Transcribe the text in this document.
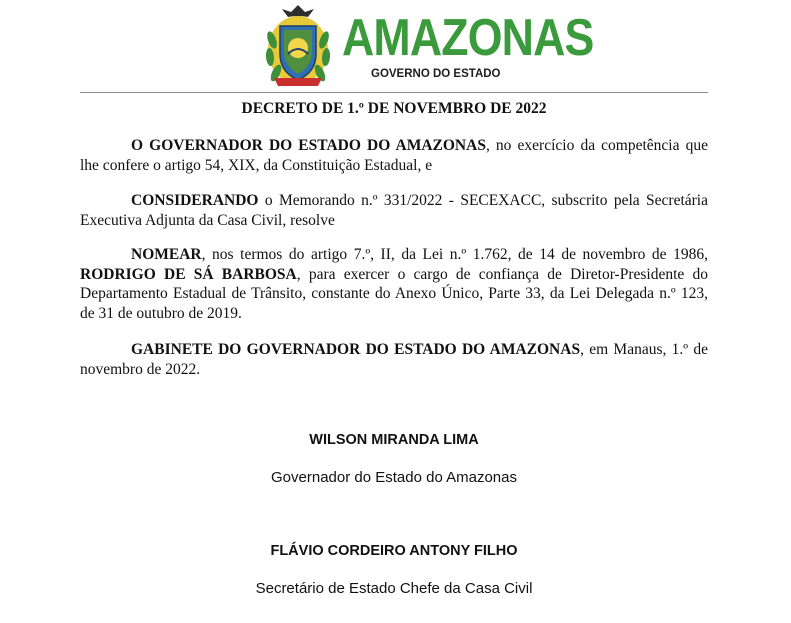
AMAZONAS
GOVERNO DO ESTADO
DECRETO DE 1.º DE NOVEMBRO DE 2022
O GOVERNADOR DO ESTADO DO AMAZONAS, no exercício da competência que lhe confere o artigo 54, XIX, da Constituição Estadual, e
CONSIDERANDO o Memorando n.º 331/2022 - SECEXACC, subscrito pela Secretária Executiva Adjunta da Casa Civil, resolve
NOMEAR, nos termos do artigo 7.º, II, da Lei n.º 1.762, de 14 de novembro de 1986, RODRIGO DE SÁ BARBOSA, para exercer o cargo de confiança de Diretor-Presidente do Departamento Estadual de Trânsito, constante do Anexo Único, Parte 33, da Lei Delegada n.º 123, de 31 de outubro de 2019.
GABINETE DO GOVERNADOR DO ESTADO DO AMAZONAS, em Manaus, 1.º de novembro de 2022.
WILSON MIRANDA LIMA
Governador do Estado do Amazonas
FLÁVIO CORDEIRO ANTONY FILHO
Secretário de Estado Chefe da Casa Civil
